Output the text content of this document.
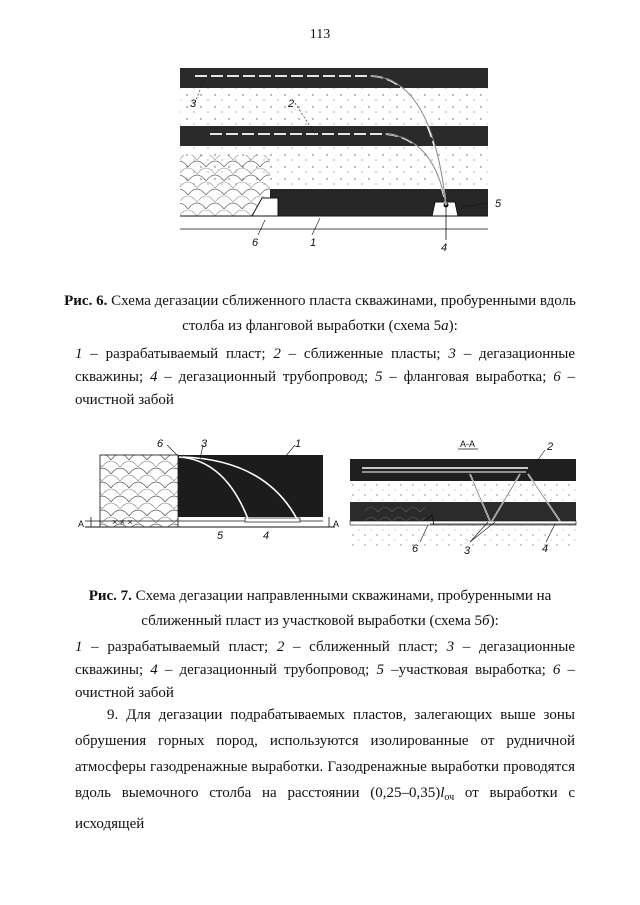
113
3	2
5
6	1	4
Рис. 6. Схема дегазации сближенного пласта скважинами, пробуренными вдоль
столба из фланговой выработки (схема 5а):
1 – разрабатываемый пласт; 2 – сближенные пласты; 3 – дегазационные скважины; 4 – дегазационный трубопровод; 5 – фланговая выработка; 6 – очистной забой
× × ×
6	3	1
А	А
5	4
А-А	2
6	3	4
Рис. 7. Схема дегазации направленными скважинами, пробуренными на
сближенный пласт из участковой выработки (схема 5б):
1 – разрабатываемый пласт; 2 – сближенный пласт; 3 – дегазационные скважины; 4 – дегазационный трубопровод; 5 –участковая выработка; 6 – очистной забой
9. Для дегазации подрабатываемых пластов, залегающих выше зоны обрушения горных пород, используются изолированные от рудничной атмосферы газодренажные выработки. Газодренажные выработки проводятся вдоль выемочного столба на расстоянии $(0,25-0,35)l_{оч}$ от выработки с исходящей
